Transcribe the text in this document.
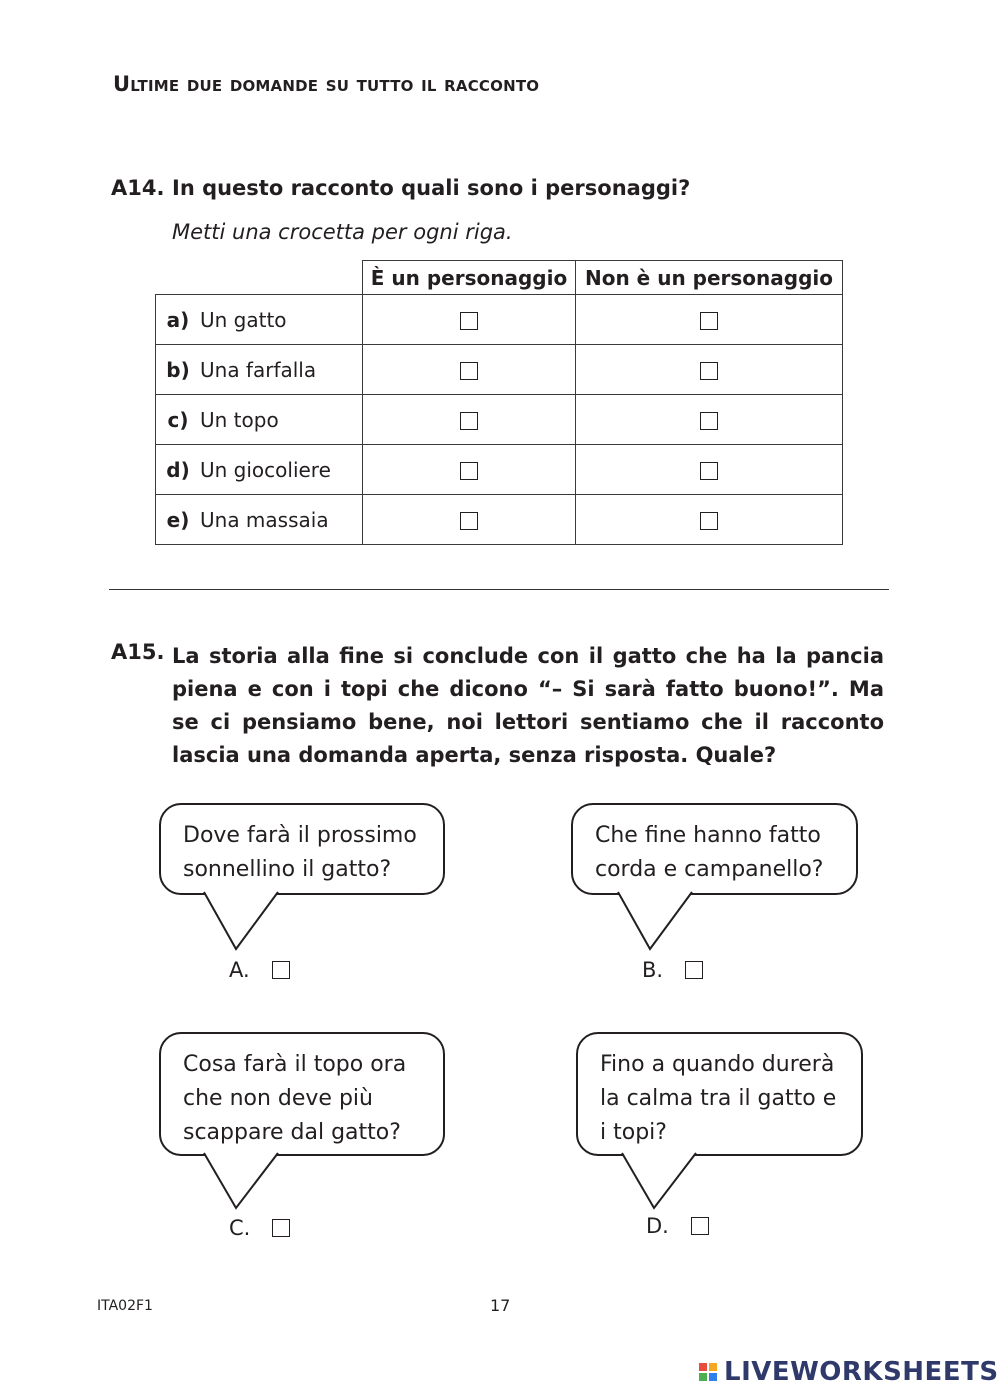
Ultime due domande su tutto il racconto
A14. In questo racconto quali sono i personaggi?
Metti una crocetta per ogni riga.
	È un personaggio	Non è un personaggio
a) Un gatto		
b) Una farfalla		
c) Un topo		
d) Un giocoliere		
e) Una massaia		
A15. La storia alla fine si conclude con il gatto che ha la pancia piena e con i topi che dicono “– Si sarà fatto buono!”. Ma se ci pensiamo bene, noi lettori sentiamo che il racconto lascia una domanda aperta, senza risposta. Quale?
Dove farà il prossimo sonnellino il gatto?
A.
Che fine hanno fatto corda e campanello?
B.
Cosa farà il topo ora che non deve più scappare dal gatto?
C.
Fino a quando durerà la calma tra il gatto e i topi?
D.
ITA02F1	17
LIVEWORKSHEETS
